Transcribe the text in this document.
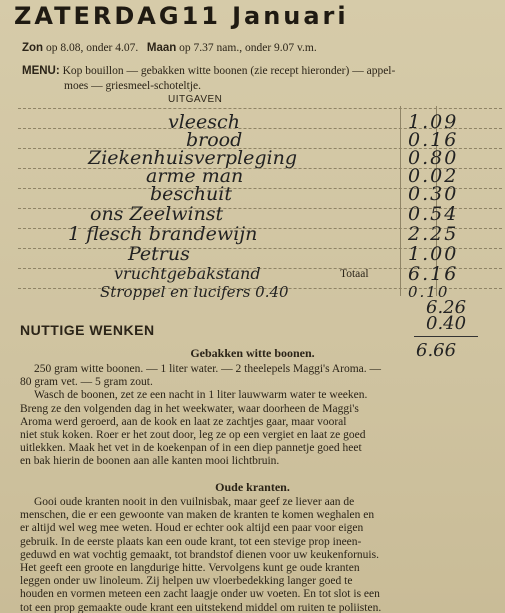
ZATERDAG11 Januari
Zon op 8.08, onder 4.07. Maan op 7.37 nam., onder 9.07 v.m.
MENU: Kop bouillon — gebakken witte boonen (zie recept hieronder) — appel-
moes — griesmeel-schoteltje.
UITGAVEN
vleesch	1.09
brood	0.16
Ziekenhuisverpleging	0.80
arme man	0.02
beschuit	0.30
ons Zeelwinst	0.54
1 flesch brandewijn	2.25
Petrus	1.00
vruchtgebakstand	Totaal 6.16
Stroppel en lucifers 0.40	0.10
6.26
0.40
6.66
NUTTIGE WENKEN
Gebakken witte boonen.
250 gram witte boonen. — 1 liter water. — 2 theelepels Maggi's Aroma. —
80 gram vet. — 5 gram zout.
Wasch de boonen, zet ze een nacht in 1 liter lauwwarm water te weeken.
Breng ze den volgenden dag in het weekwater, waar doorheen de Maggi's
Aroma werd geroerd, aan de kook en laat ze zachtjes gaar, maar vooral
niet stuk koken. Roer er het zout door, leg ze op een vergiet en laat ze goed
uitlekken. Maak het vet in de koekenpan of in een diep pannetje goed heet
en bak hierin de boonen aan alle kanten mooi lichtbruin.
Oude kranten.
Gooi oude kranten nooit in den vuilnisbak, maar geef ze liever aan de
menschen, die er een gewoonte van maken de kranten te komen weghalen en
er altijd wel weg mee weten. Houd er echter ook altijd een paar voor eigen
gebruik. In de eerste plaats kan een oude krant, tot een stevige prop ineen-
geduwd en wat vochtig gemaakt, tot brandstof dienen voor uw keukenfornuis.
Het geeft een groote en langdurige hitte. Vervolgens kunt ge oude kranten
leggen onder uw linoleum. Zij helpen uw vloerbedekking langer goed te
houden en vormen meteen een zacht laagje onder uw voeten. En tot slot is een
tot een prop gemaakte oude krant een uitstekend middel om ruiten te poliisten.
